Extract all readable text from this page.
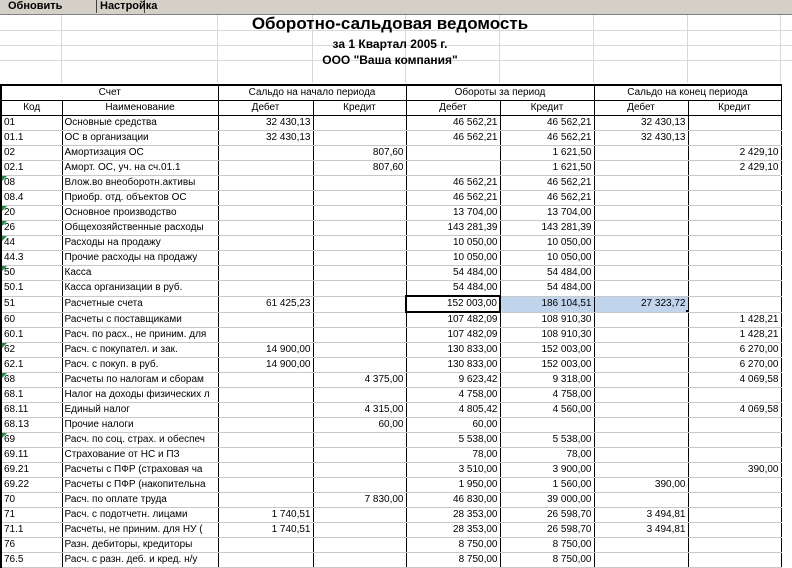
Обновить	Настройка
Оборотно-сальдовая ведомость
за 1 Квартал 2005 г.
ООО "Ваша компания"
Счет		Сальдо на начало периода		Обороты за период		Сальдо на конец периода	
Код	Наименование	Дебет	Кредит	Дебет	Кредит	Дебет	Кредит
01	Основные средства	32 430,13		46 562,21	46 562,21	32 430,13	
01.1	ОС в организации	32 430,13		46 562,21	46 562,21	32 430,13	
02	Амортизация ОС		807,60		1 621,50		2 429,10
02.1	Аморт. ОС, уч. на сч.01.1		807,60		1 621,50		2 429,10
08	Влож.во внеоборотн.активы			46 562,21	46 562,21		
08.4	Приобр. отд. объектов ОС			46 562,21	46 562,21		
20	Основное производство			13 704,00	13 704,00		
26	Общехозяйственные расходы			143 281,39	143 281,39		
44	Расходы на продажу			10 050,00	10 050,00		
44.3	Прочие расходы на продажу			10 050,00	10 050,00		
50	Касса			54 484,00	54 484,00		
50.1	Касса организации в руб.			54 484,00	54 484,00		
51	Расчетные счета	61 425,23		152 003,00	186 104,51	27 323,72

60	Расчеты с поставщиками			107 482,09	108 910,30		1 428,21
60.1	Расч. по расх., не приним. для			107 482,09	108 910,30		1 428,21
62	Расч. с покупател. и зак.	14 900,00		130 833,00	152 003,00		6 270,00
62.1	Расч. с покуп. в руб.	14 900,00		130 833,00	152 003,00		6 270,00
68	Расчеты по налогам и сборам		4 375,00	9 623,42	9 318,00		4 069,58
68.1	Налог на доходы физических л			4 758,00	4 758,00		
68.11	Единый налог		4 315,00	4 805,42	4 560,00		4 069,58
68.13	Прочие налоги		60,00	60,00			
69	Расч. по соц. страх. и обеспеч			5 538,00	5 538,00		
69.11	Страхование от НС и ПЗ			78,00	78,00		
69.21	Расчеты с ПФР (страховая ча			3 510,00	3 900,00		390,00
69.22	Расчеты с ПФР (накопительна			1 950,00	1 560,00	390,00	
70	Расч. по оплате труда		7 830,00	46 830,00	39 000,00		
71	Расч. с подотчетн. лицами	1 740,51		28 353,00	26 598,70	3 494,81	
71.1	Расчеты, не приним. для НУ (	1 740,51		28 353,00	26 598,70	3 494,81	
76	Разн. дебиторы, кредиторы			8 750,00	8 750,00		
76.5	Расч. с разн. деб. и кред. н/у			8 750,00	8 750,00		
